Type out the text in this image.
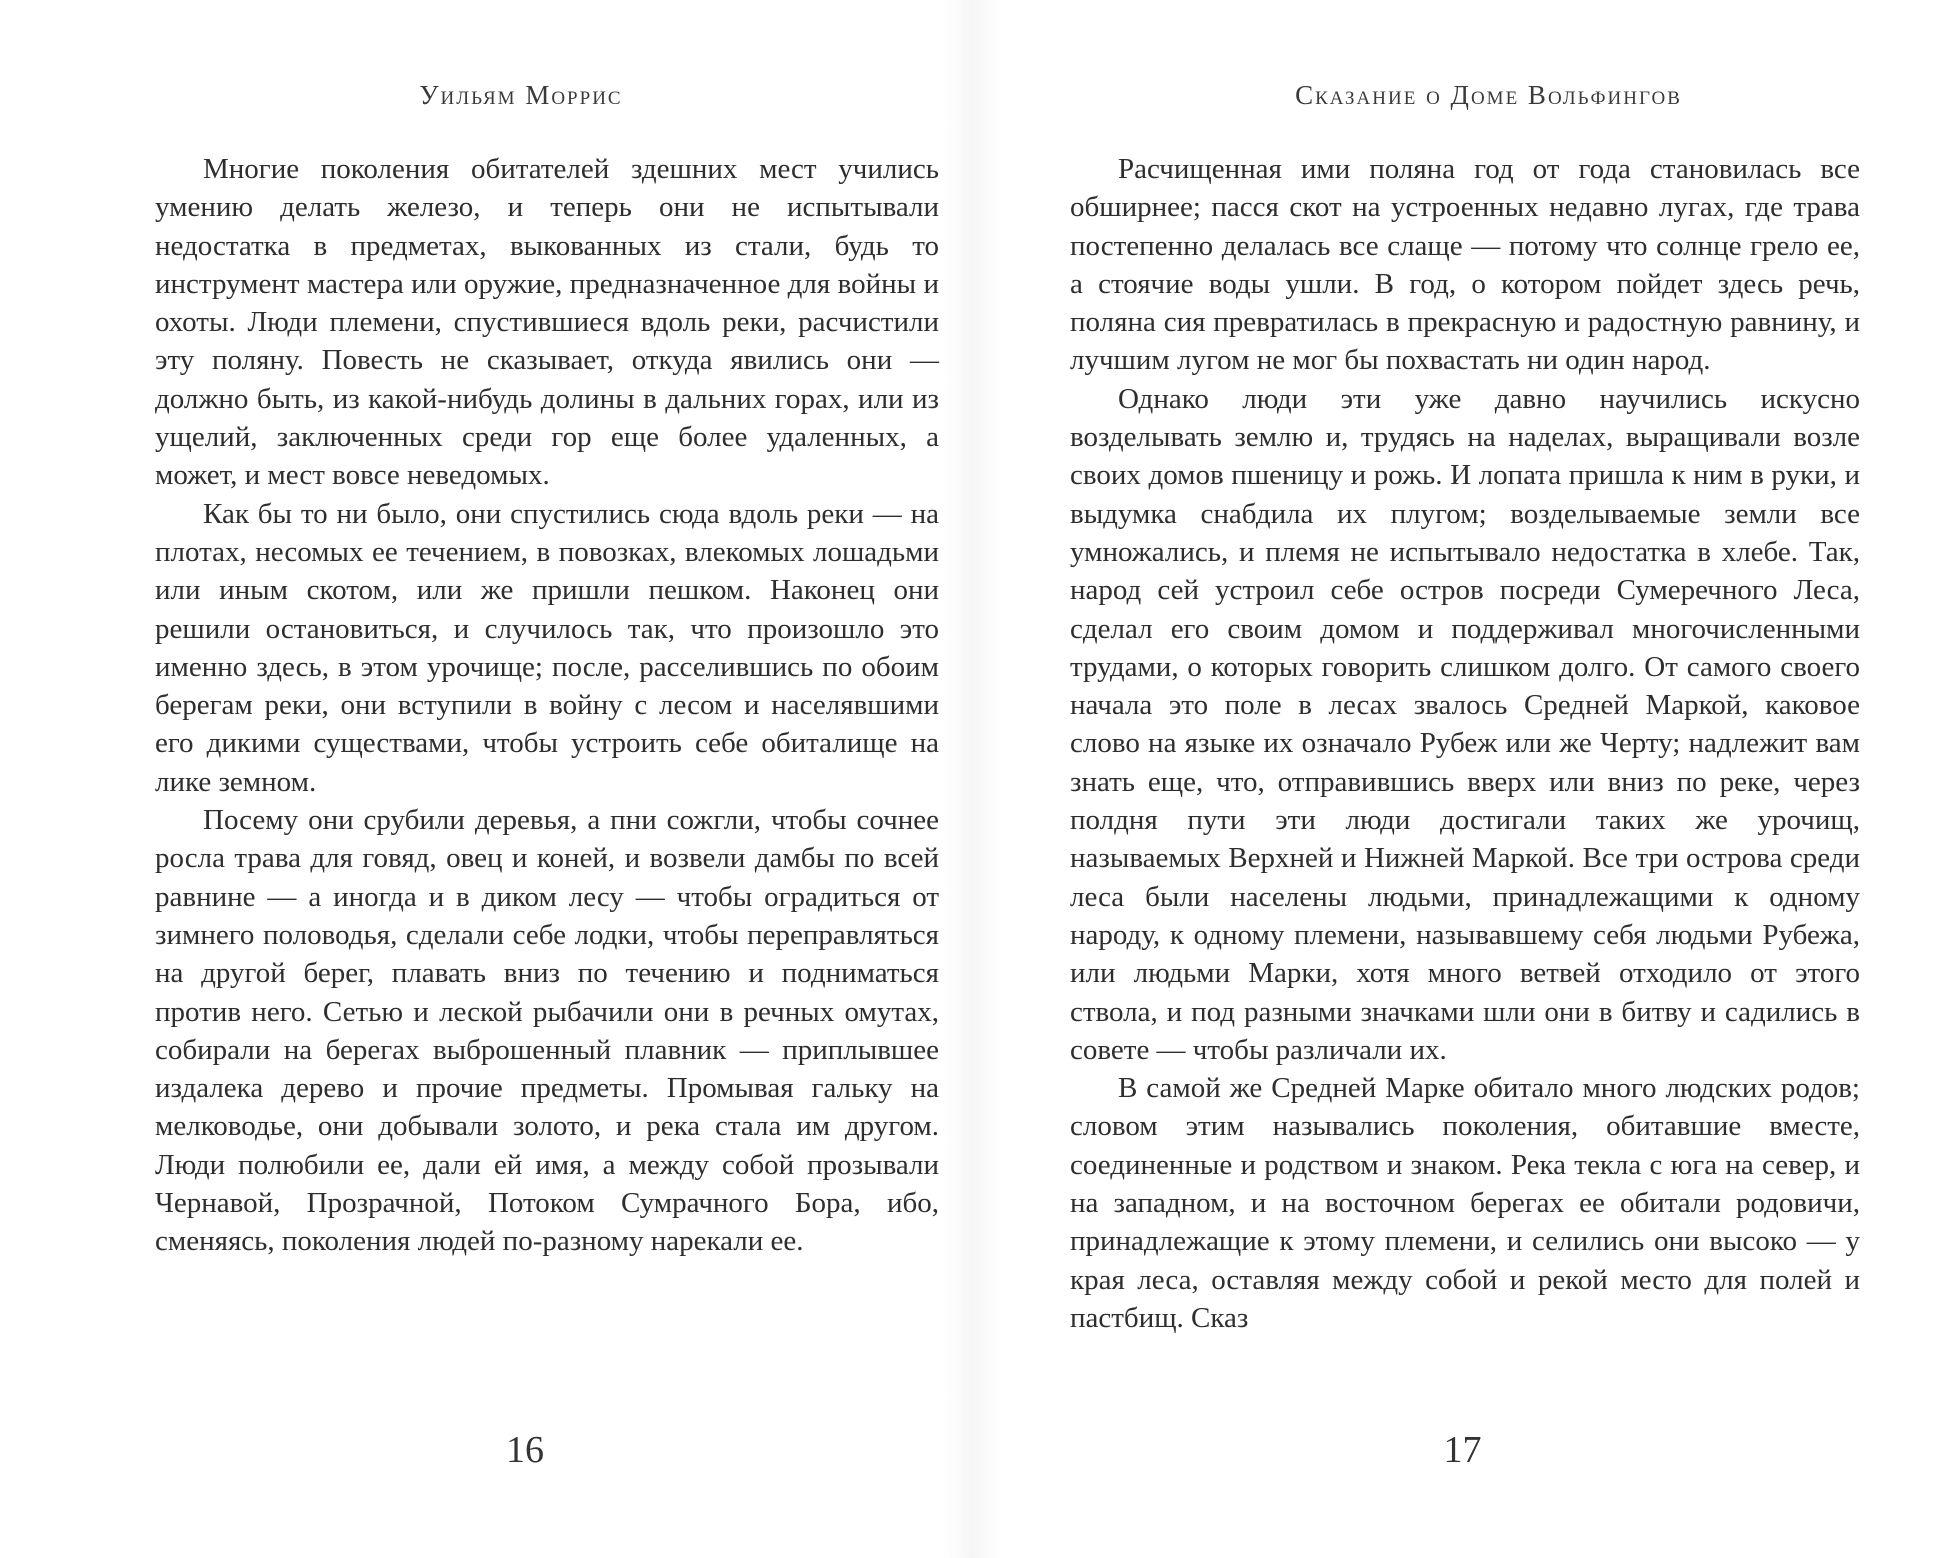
Уильям Моррис

Многие поколения обитателей здешних мест учились умению делать железо, и теперь они не испытывали недостатка в предметах, выкованных из стали, будь то инструмент мастера или оружие, предназначенное для войны и охоты. Люди племени, спустившиеся вдоль реки, расчистили эту поляну. Повесть не сказывает, откуда явились они — должно быть, из какой-нибудь долины в дальних горах, или из ущелий, заключенных среди гор еще более удаленных, а может, и мест вовсе неведомых.

Как бы то ни было, они спустились сюда вдоль реки — на плотах, несомых ее течением, в повозках, влекомых лошадьми или иным скотом, или же пришли пешком. Наконец они решили остановиться, и случилось так, что произошло это именно здесь, в этом урочище; после, расселившись по обоим берегам реки, они вступили в войну с лесом и населявшими его дикими существами, чтобы устроить себе обиталище на лике земном.

Посему они срубили деревья, а пни сожгли, чтобы сочнее росла трава для говяд, овец и коней, и возвели дамбы по всей равнине — а иногда и в диком лесу — чтобы оградиться от зимнего половодья, сделали себе лодки, чтобы переправляться на другой берег, плавать вниз по течению и подниматься против него. Сетью и леской рыбачили они в речных омутах, собирали на берегах выброшенный плавник — приплывшее издалека дерево и прочие предметы. Промывая гальку на мелководье, они добывали золото, и река стала им другом. Люди полюбили ее, дали ей имя, а между собой прозывали Чернавой, Прозрачной, Потоком Сумрачного Бора, ибо, сменяясь, поколения людей по-разному нарекали ее.

16
Сказание о Доме Вольфингов

Расчищенная ими поляна год от года становилась все обширнее; пасся скот на устроенных недавно лугах, где трава постепенно делалась все слаще — потому что солнце грело ее, а стоячие воды ушли. В год, о котором пойдет здесь речь, поляна сия превратилась в прекрасную и радостную равнину, и лучшим лугом не мог бы похвастать ни один народ.

Однако люди эти уже давно научились искусно возделывать землю и, трудясь на наделах, выращивали возле своих домов пшеницу и рожь. И лопата пришла к ним в руки, и выдумка снабдила их плугом; возделываемые земли все умножались, и племя не испытывало недостатка в хлебе. Так, народ сей устроил себе остров посреди Сумеречного Леса, сделал его своим домом и поддерживал многочисленными трудами, о которых говорить слишком долго. От самого своего начала это поле в лесах звалось Средней Маркой, каковое слово на языке их означало Рубеж или же Черту; надлежит вам знать еще, что, отправившись вверх или вниз по реке, через полдня пути эти люди достигали таких же урочищ, называемых Верхней и Нижней Маркой. Все три острова среди леса были населены людьми, принадлежащими к одному народу, к одному племени, называвшему себя людьми Рубежа, или людьми Марки, хотя много ветвей отходило от этого ствола, и под разными значками шли они в битву и садились в совете — чтобы различали их.

В самой же Средней Марке обитало много людских родов; словом этим назывались поколения, обитавшие вместе, соединенные и родством и знаком. Река текла с юга на север, и на западном, и на восточном берегах ее обитали родовичи, принадлежащие к этому племени, и селились они высоко — у края леса, оставляя между собой и рекой место для полей и пастбищ. Сказ

17
